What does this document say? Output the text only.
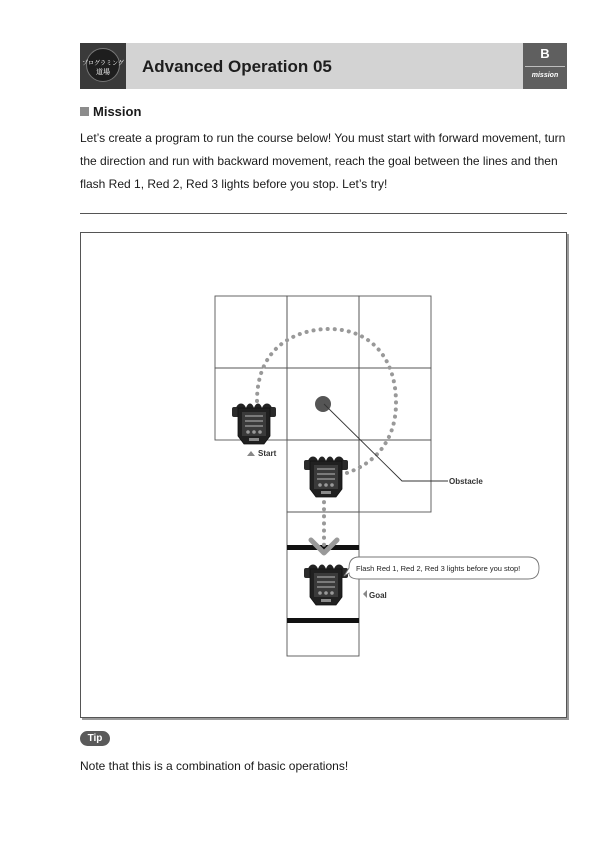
プログラミング
道場 Advanced Operation 05
B
mission
Mission

Let’s create a program to run the course below! You must start with forward movement, turn the direction and run with backward movement, reach the goal between the lines and then flash Red 1, Red 2, Red 3 lights before you stop. Let’s try!

Obstacle
Start
Goal
Flash Red 1, Red 2, Red 3 lights before you stop!
Tip
Note that this is a combination of basic operations!
